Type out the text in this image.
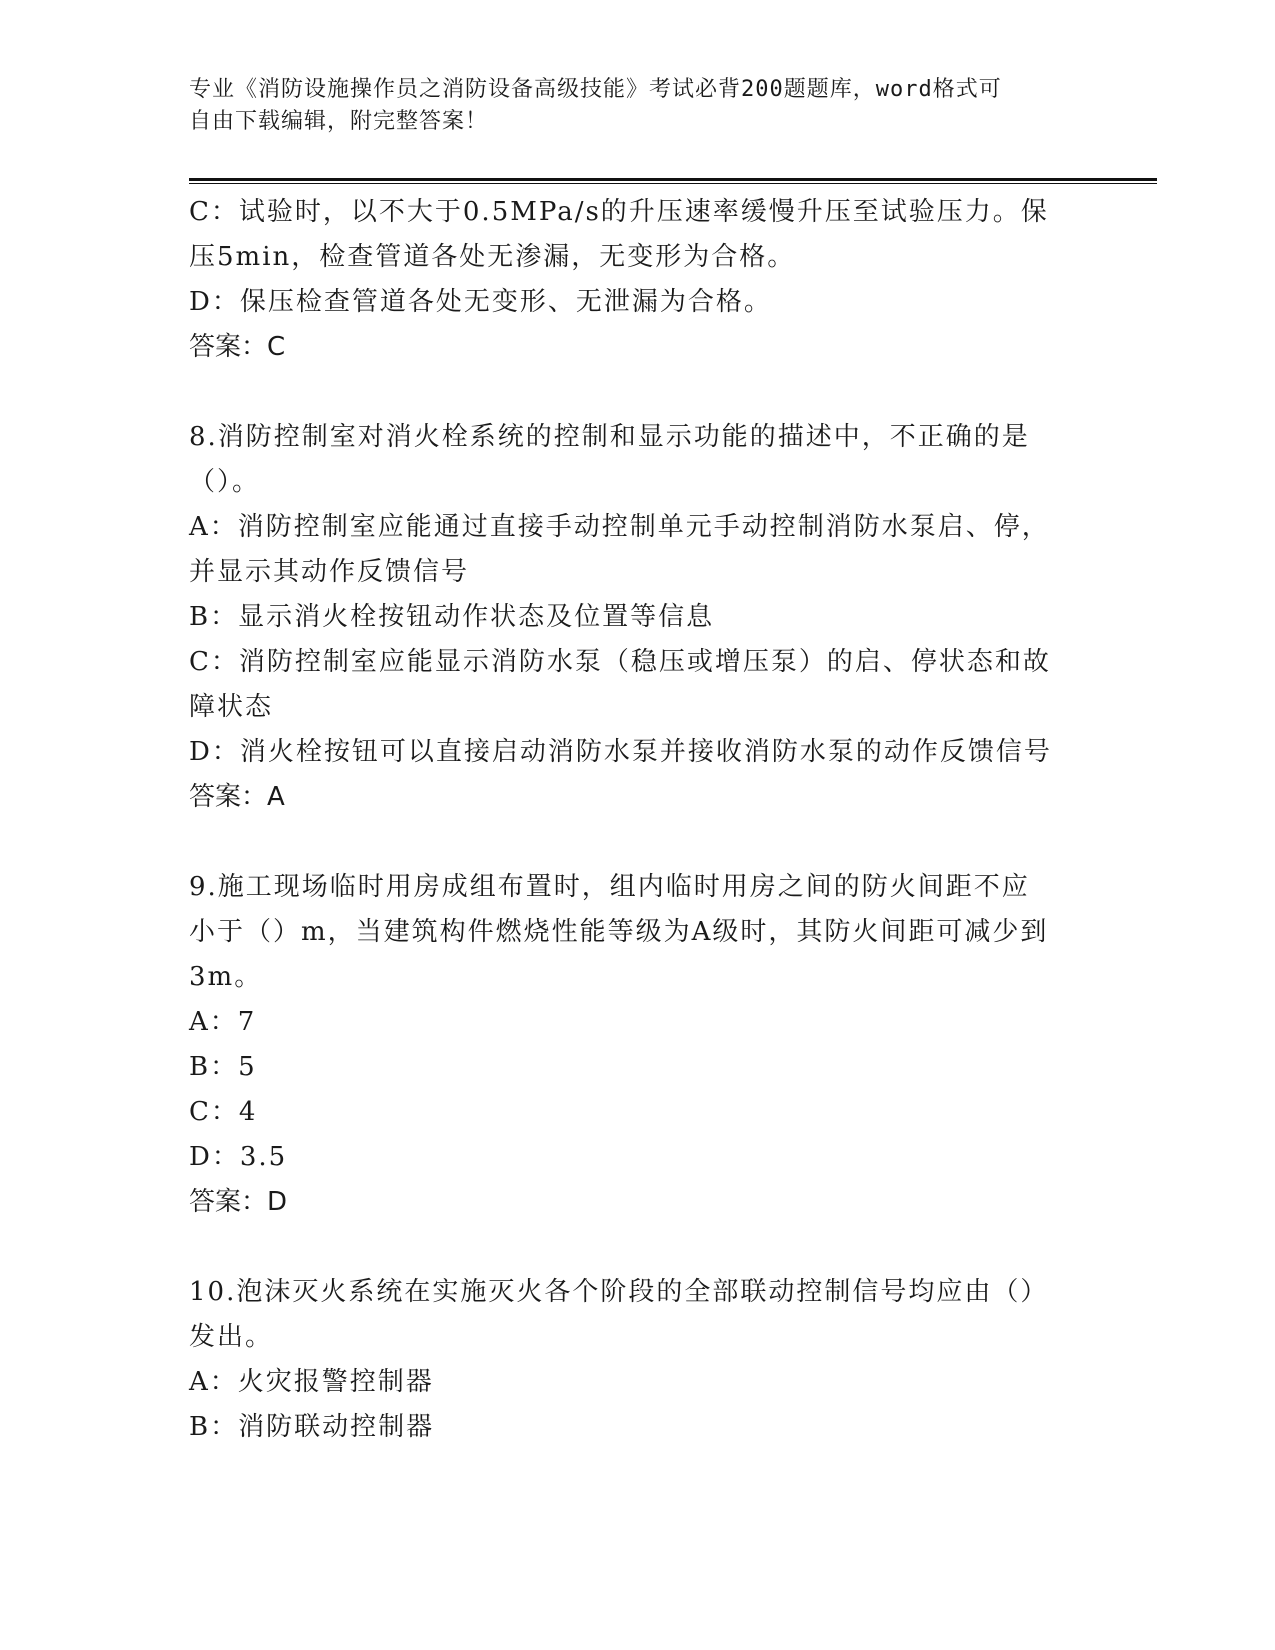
专业《消防设施操作员之消防设备高级技能》考试必背200题题库，word格式可
自由下载编辑，附完整答案！
C：试验时，以不大于0.5MPa/s的升压速率缓慢升压至试验压力。保
压5min，检查管道各处无渗漏，无变形为合格。
D：保压检查管道各处无变形、无泄漏为合格。
答案：C
8.消防控制室对消火栓系统的控制和显示功能的描述中，不正确的是
（）。
A：消防控制室应能通过直接手动控制单元手动控制消防水泵启、停，
并显示其动作反馈信号
B：显示消火栓按钮动作状态及位置等信息
C：消防控制室应能显示消防水泵（稳压或增压泵）的启、停状态和故
障状态
D：消火栓按钮可以直接启动消防水泵并接收消防水泵的动作反馈信号
答案：A
9.施工现场临时用房成组布置时，组内临时用房之间的防火间距不应
小于（）m，当建筑构件燃烧性能等级为A级时，其防火间距可减少到
3m。
A：7
B：5
C：4
D：3.5
答案：D
10.泡沫灭火系统在实施灭火各个阶段的全部联动控制信号均应由（）
发出。
A：火灾报警控制器
B：消防联动控制器
